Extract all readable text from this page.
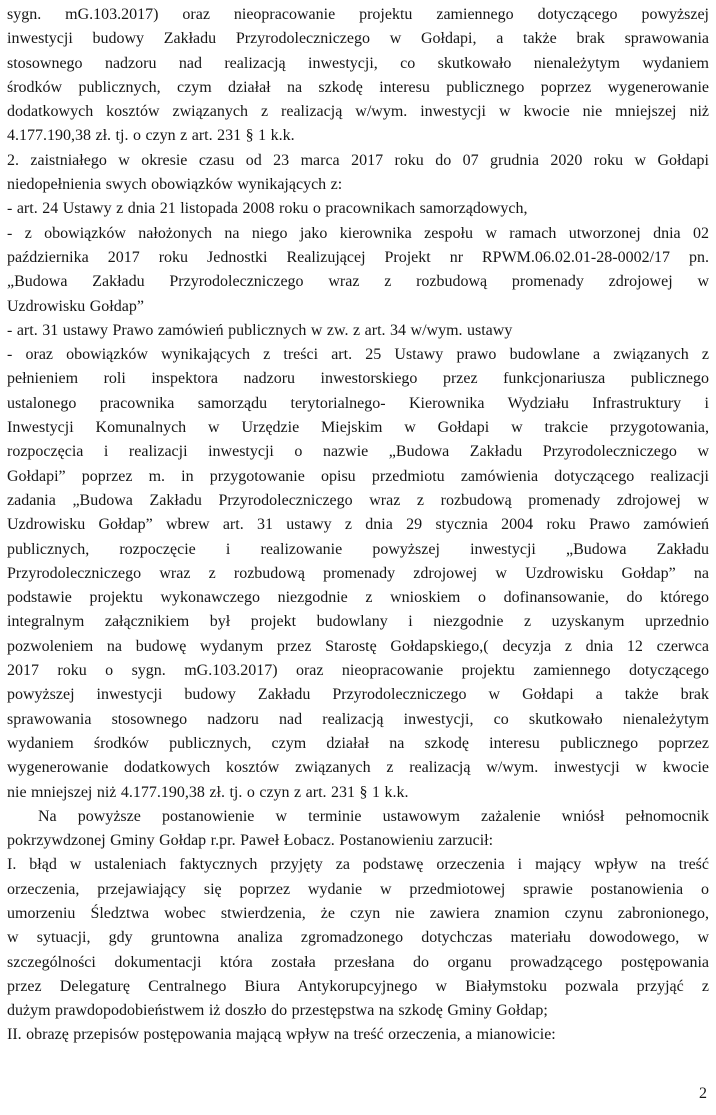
sygn. mG.103.2017) oraz nieopracowanie projektu zamiennego dotyczącego powyższej
inwestycji budowy Zakładu Przyrodoleczniczego w Gołdapi, a także brak sprawowania
stosownego nadzoru nad realizacją inwestycji, co skutkowało nienależytym wydaniem
środków publicznych, czym działał na szkodę interesu publicznego poprzez wygenerowanie
dodatkowych kosztów związanych z realizacją w/wym. inwestycji w kwocie nie mniejszej niż
4.177.190,38 zł. tj. o czyn z art. 231 § 1 k.k.
2. zaistniałego w okresie czasu od 23 marca 2017 roku do 07 grudnia 2020 roku w Gołdapi
niedopełnienia swych obowiązków wynikających z:
- art. 24 Ustawy z dnia 21 listopada 2008 roku o pracownikach samorządowych,
- z obowiązków nałożonych na niego jako kierownika zespołu w ramach utworzonej dnia 02
października 2017 roku Jednostki Realizującej Projekt nr RPWM.06.02.01-28-0002/17 pn.
„Budowa Zakładu Przyrodoleczniczego wraz z rozbudową promenady zdrojowej w
Uzdrowisku Gołdap”
- art. 31 ustawy Prawo zamówień publicznych w zw. z art. 34 w/wym. ustawy
- oraz obowiązków wynikających z treści art. 25 Ustawy prawo budowlane a związanych z
pełnieniem roli inspektora nadzoru inwestorskiego przez funkcjonariusza publicznego
ustalonego pracownika samorządu terytorialnego- Kierownika Wydziału Infrastruktury i
Inwestycji Komunalnych w Urzędzie Miejskim w Gołdapi w trakcie przygotowania,
rozpoczęcia i realizacji inwestycji o nazwie „Budowa Zakładu Przyrodoleczniczego w
Gołdapi” poprzez m. in przygotowanie opisu przedmiotu zamówienia dotyczącego realizacji
zadania „Budowa Zakładu Przyrodoleczniczego wraz z rozbudową promenady zdrojowej w
Uzdrowisku Gołdap” wbrew art. 31 ustawy z dnia 29 stycznia 2004 roku Prawo zamówień
publicznych, rozpoczęcie i realizowanie powyższej inwestycji „Budowa Zakładu
Przyrodoleczniczego wraz z rozbudową promenady zdrojowej w Uzdrowisku Gołdap” na
podstawie projektu wykonawczego niezgodnie z wnioskiem o dofinansowanie, do którego
integralnym załącznikiem był projekt budowlany i niezgodnie z uzyskanym uprzednio
pozwoleniem na budowę wydanym przez Starostę Gołdapskiego,( decyzja z dnia 12 czerwca
2017 roku o sygn. mG.103.2017) oraz nieopracowanie projektu zamiennego dotyczącego
powyższej inwestycji budowy Zakładu Przyrodoleczniczego w Gołdapi a także brak
sprawowania stosownego nadzoru nad realizacją inwestycji, co skutkowało nienależytym
wydaniem środków publicznych, czym działał na szkodę interesu publicznego poprzez
wygenerowanie dodatkowych kosztów związanych z realizacją w/wym. inwestycji w kwocie
nie mniejszej niż 4.177.190,38 zł. tj. o czyn z art. 231 § 1 k.k.
Na powyższe postanowienie w terminie ustawowym zażalenie wniósł pełnomocnik
pokrzywdzonej Gminy Gołdap r.pr. Paweł Łobacz. Postanowieniu zarzucił:
I. błąd w ustaleniach faktycznych przyjęty za podstawę orzeczenia i mający wpływ na treść
orzeczenia, przejawiający się poprzez wydanie w przedmiotowej sprawie postanowienia o
umorzeniu Śledztwa wobec stwierdzenia, że czyn nie zawiera znamion czynu zabronionego,
w sytuacji, gdy gruntowna analiza zgromadzonego dotychczas materiału dowodowego, w
szczególności dokumentacji która została przesłana do organu prowadzącego postępowania
przez Delegaturę Centralnego Biura Antykorupcyjnego w Białymstoku pozwala przyjąć z
dużym prawdopodobieństwem iż doszło do przestępstwa na szkodę Gminy Gołdap;
II. obrazę przepisów postępowania mającą wpływ na treść orzeczenia, a mianowicie:
2
